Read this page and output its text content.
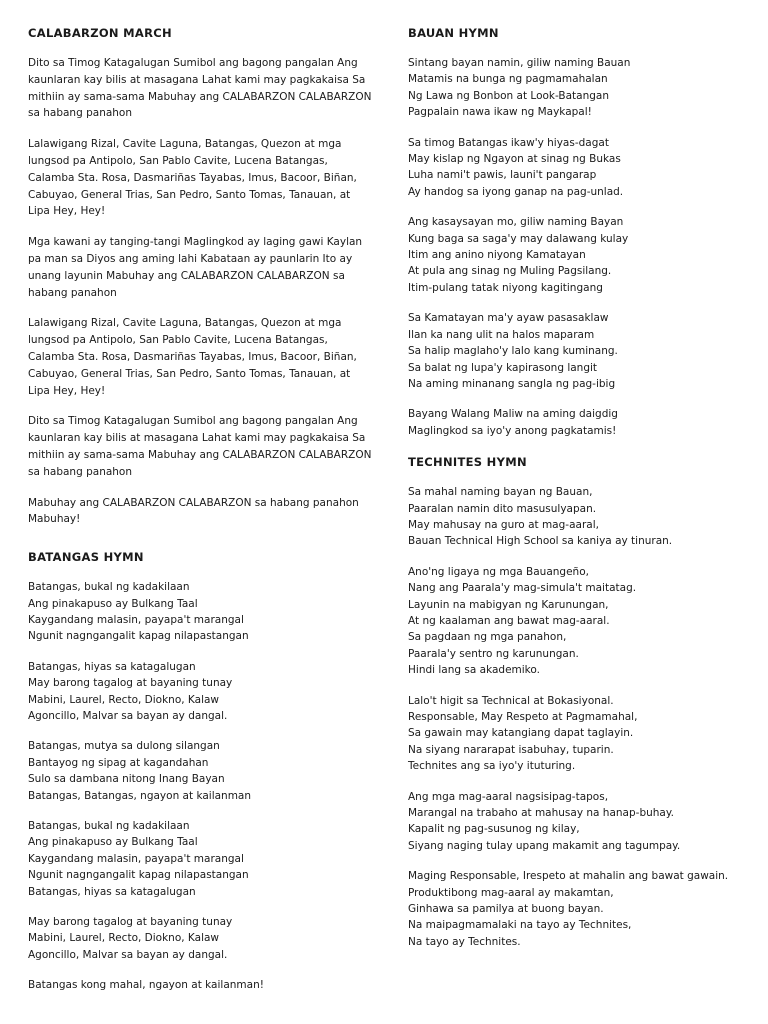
CALABARZON MARCH

Dito sa Timog Katagalugan Sumibol ang bagong pangalan Ang kaunlaran kay bilis at masagana Lahat kami may pagkakaisa Sa mithiin ay sama-sama Mabuhay ang CALABARZON CALABARZON sa habang panahon

Lalawigang Rizal, Cavite Laguna, Batangas, Quezon at mga lungsod pa Antipolo, San Pablo Cavite, Lucena Batangas, Calamba Sta. Rosa, Dasmariñas Tayabas, Imus, Bacoor, Biñan, Cabuyao, General Trias, San Pedro, Santo Tomas, Tanauan, at Lipa Hey, Hey!

Mga kawani ay tanging-tangi Maglingkod ay laging gawi Kaylan pa man sa Diyos ang aming lahi Kabataan ay paunlarin Ito ay unang layunin Mabuhay ang CALABARZON CALABARZON sa habang panahon

Lalawigang Rizal, Cavite Laguna, Batangas, Quezon at mga lungsod pa Antipolo, San Pablo Cavite, Lucena Batangas, Calamba Sta. Rosa, Dasmariñas Tayabas, Imus, Bacoor, Biñan, Cabuyao, General Trias, San Pedro, Santo Tomas, Tanauan, at Lipa Hey, Hey!

Dito sa Timog Katagalugan Sumibol ang bagong pangalan Ang kaunlaran kay bilis at masagana Lahat kami may pagkakaisa Sa mithiin ay sama-sama Mabuhay ang CALABARZON CALABARZON sa habang panahon

Mabuhay ang CALABARZON CALABARZON sa habang panahon Mabuhay!

BATANGAS HYMN
Batangas, bukal ng kadakilaan
Ang pinakapuso ay Bulkang Taal
Kaygandang malasin, payapa't marangal
Ngunit nagngangalit kapag nilapastangan
Batangas, hiyas sa katagalugan
May barong tagalog at bayaning tunay
Mabini, Laurel, Recto, Diokno, Kalaw
Agoncillo, Malvar sa bayan ay dangal.
Batangas, mutya sa dulong silangan
Bantayog ng sipag at kagandahan
Sulo sa dambana nitong Inang Bayan
Batangas, Batangas, ngayon at kailanman
Batangas, bukal ng kadakilaan
Ang pinakapuso ay Bulkang Taal
Kaygandang malasin, payapa't marangal
Ngunit nagngangalit kapag nilapastangan
Batangas, hiyas sa katagalugan
May barong tagalog at bayaning tunay
Mabini, Laurel, Recto, Diokno, Kalaw
Agoncillo, Malvar sa bayan ay dangal.
Batangas kong mahal, ngayon at kailanman!
BAUAN HYMN
Sintang bayan namin, giliw naming Bauan
Matamis na bunga ng pagmamahalan
Ng Lawa ng Bonbon at Look-Batangan
Pagpalain nawa ikaw ng Maykapal!
Sa timog Batangas ikaw'y hiyas-dagat
May kislap ng Ngayon at sinag ng Bukas
Luha nami't pawis, launi't pangarap
Ay handog sa iyong ganap na pag-unlad.
Ang kasaysayan mo, giliw naming Bayan
Kung baga sa saga'y may dalawang kulay
Itim ang anino niyong Kamatayan
At pula ang sinag ng Muling Pagsilang.
Itim-pulang tatak niyong kagitingang
Sa Kamatayan ma'y ayaw pasasaklaw
Ilan ka nang ulit na halos maparam
Sa halip maglaho'y lalo kang kuminang.
Sa balat ng lupa'y kapirasong langit
Na aming minanang sangla ng pag-ibig
Bayang Walang Maliw na aming daigdig
Maglingkod sa iyo'y anong pagkatamis!
TECHNITES HYMN
Sa mahal naming bayan ng Bauan,
Paaralan namin dito masusulyapan.
May mahusay na guro at mag-aaral,
Bauan Technical High School sa kaniya ay tinuran.
Ano'ng ligaya ng mga Bauangeño,
Nang ang Paarala'y mag-simula't maitatag.
Layunin na mabigyan ng Karunungan,
At ng kaalaman ang bawat mag-aaral.
Sa pagdaan ng mga panahon,
Paarala'y sentro ng karunungan.
Hindi lang sa akademiko.
Lalo't higit sa Technical at Bokasiyonal.
Responsable, May Respeto at Pagmamahal,
Sa gawain may katangiang dapat taglayin.
Na siyang nararapat isabuhay, tuparin.
Technites ang sa iyo'y ituturing.
Ang mga mag-aaral nagsisipag-tapos,
Marangal na trabaho at mahusay na hanap-buhay.
Kapalit ng pag-susunog ng kilay,
Siyang naging tulay upang makamit ang tagumpay.
Maging Responsable, Irespeto at mahalin ang bawat gawain.
Produktibong mag-aaral ay makamtan,
Ginhawa sa pamilya at buong bayan.
Na maipagmamalaki na tayo ay Technites,
Na tayo ay Technites.
